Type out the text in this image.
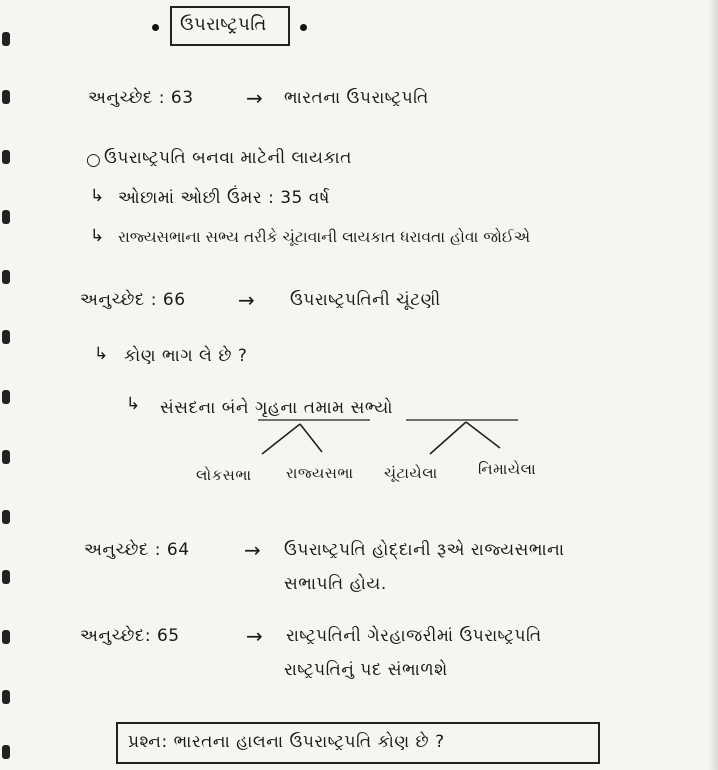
ઉપરાષ્ટ્રપતિ
અનુચ્છેદ : 63	→ ભારતના ઉપરાષ્ટ્રપતિ
○ ઉપરાષ્ટ્રપતિ બનવા માટેની લાયકાત
↳ ઓછામાં ઓછી ઉંમર : 35 વર્ષ
↳ રાજ્યસભાના સભ્ય તરીકે ચૂંટાવાની લાયકાત ધરાવતા હોવા જોઈએ
અનુચ્છેદ : 66	→ ઉપરાષ્ટ્રપતિની ચૂંટણી
↳ કોણ ભાગ લે છે ?
↳ સંસદના બંને ગૃહના તમામ સભ્યો
લોકસભા રાજ્યસભા ચૂંટાયેલા	નિમાયેલા
અનુચ્છેદ : 64	→ ઉપરાષ્ટ્રપતિ હોદ્દાની રૂએ રાજ્યસભાના
સભાપતિ હોય.
અનુચ્છેદ: 65	→ રાષ્ટ્રપતિની ગેરહાજરીમાં ઉપરાષ્ટ્રપતિ
રાષ્ટ્રપતિનું પદ સંભાળશે
પ્રશ્ન: ભારતના હાલના ઉપરાષ્ટ્રપતિ કોણ છે ?
